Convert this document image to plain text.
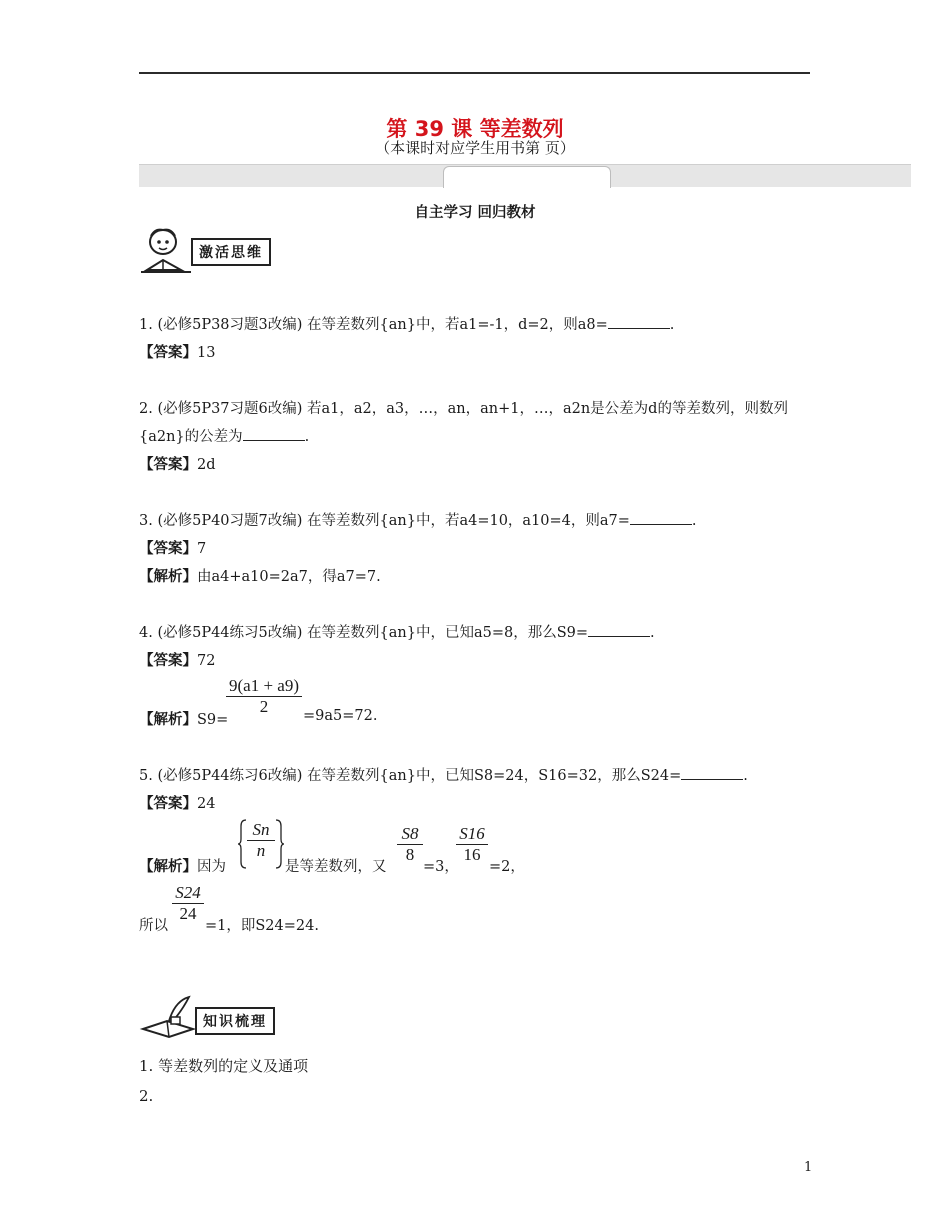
第 39 课 等差数列
（本课时对应学生用书第 页）
自主学习 回归教材
激活思维
1. (必修5P38习题3改编) 在等差数列{an}中，若a1=-1，d=2，则a8=	.
【答案】13
2. (必修5P37习题6改编) 若a1，a2，a3，…，an，an+1，…，a2n是公差为d的等差数列，则数列
{a2n}的公差为	.
【答案】2d
3. (必修5P40习题7改编) 在等差数列{an}中，若a4=10，a10=4，则a7=	.
【答案】7
【解析】由a4+a10=2a7，得a7=7.
4. (必修5P44练习5改编) 在等差数列{an}中，已知a5=8，那么S9=	.
【答案】72
【解析】S9=
$\frac{9(a1 + a9)}{2} =9a5=72$.
5. (必修5P44练习6改编) 在等差数列{an}中，已知S8=24，S16=32，那么S24=	.
【答案】24
【解析】因为
$\frac{Sn}{n}$
是等差数列，又
$\frac{S8}{8}$
=3，
$\frac{S16}{16}$
=2，
所以
$\frac{S24}{24}$
=1，即S24=24.
知识梳理
1. 等差数列的定义及通项
2.
1
